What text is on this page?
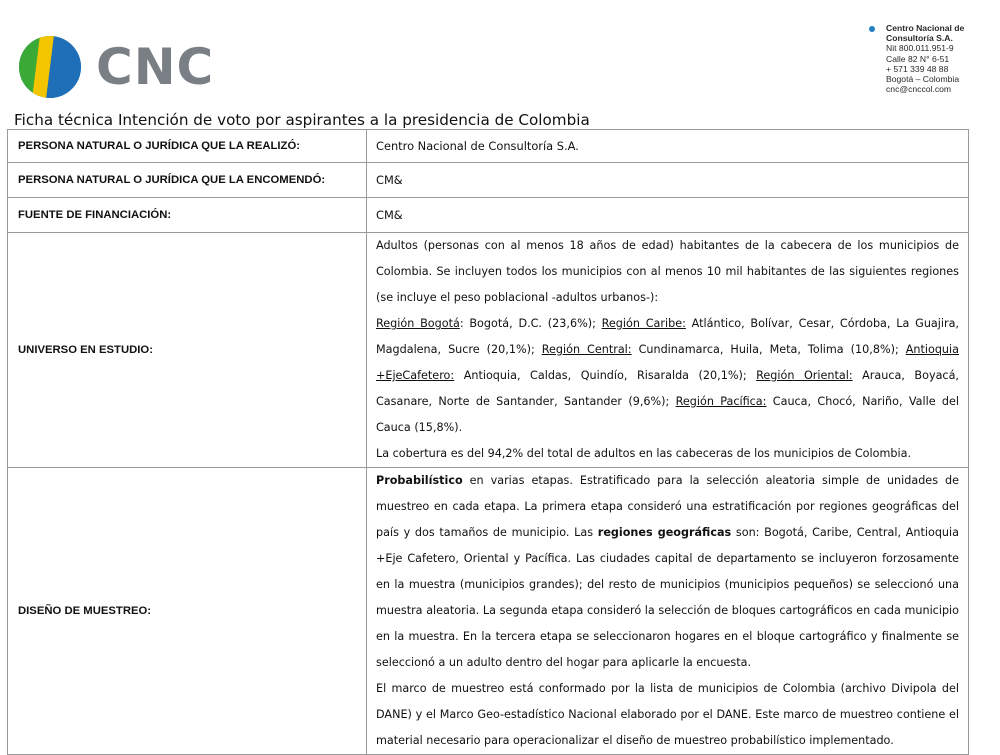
CNC
Centro Nacional de
Consultoría S.A.
Nit 800.011.951-9
Calle 82 N° 6-51
+ 571 339 48 88
Bogotá – Colombia
cnc@cnccol.com
Ficha técnica Intención de voto por aspirantes a la presidencia de Colombia
PERSONA NATURAL O JURÍDICA QUE LA REALIZÓ:	Centro Nacional de Consultoría S.A.
PERSONA NATURAL O JURÍDICA QUE LA ENCOMENDÓ:	CM&
FUENTE DE FINANCIACIÓN:	CM&
UNIVERSO EN ESTUDIO:	Adultos (personas con al menos 18 años de edad) habitantes de la cabecera de los municipios de Colombia. Se incluyen todos los municipios con al menos 10 mil habitantes de las siguientes regiones (se incluye el peso poblacional -adultos urbanos-):
Región Bogotá: Bogotá, D.C. (23,6%); Región Caribe: Atlántico, Bolívar, Cesar, Córdoba, La Guajira, Magdalena, Sucre (20,1%); Región Central: Cundinamarca, Huila, Meta, Tolima (10,8%); Antioquia +EjeCafetero: Antioquia, Caldas, Quindío, Risaralda (20,1%); Región Oriental: Arauca, Boyacá, Casanare, Norte de Santander, Santander (9,6%); Región Pacífica: Cauca, Chocó, Nariño, Valle del Cauca (15,8%).
La cobertura es del 94,2% del total de adultos en las cabeceras de los municipios de Colombia.

DISEÑO DE MUESTREO:	Probabilístico en varias etapas. Estratificado para la selección aleatoria simple de unidades de muestreo en cada etapa. La primera etapa consideró una estratificación por regiones geográficas del país y dos tamaños de municipio. Las regiones geográficas son: Bogotá, Caribe, Central, Antioquia +Eje Cafetero, Oriental y Pacífica. Las ciudades capital de departamento se incluyeron forzosamente en la muestra (municipios grandes); del resto de municipios (municipios pequeños) se seleccionó una muestra aleatoria. La segunda etapa consideró la selección de bloques cartográficos en cada municipio en la muestra. En la tercera etapa se seleccionaron hogares en el bloque cartográfico y finalmente se seleccionó a un adulto dentro del hogar para aplicarle la encuesta.
El marco de muestreo está conformado por la lista de municipios de Colombia (archivo Divipola del DANE) y el Marco Geo-estadístico Nacional elaborado por el DANE. Este marco de muestreo contiene el material necesario para operacionalizar el diseño de muestreo probabilístico implementado.
